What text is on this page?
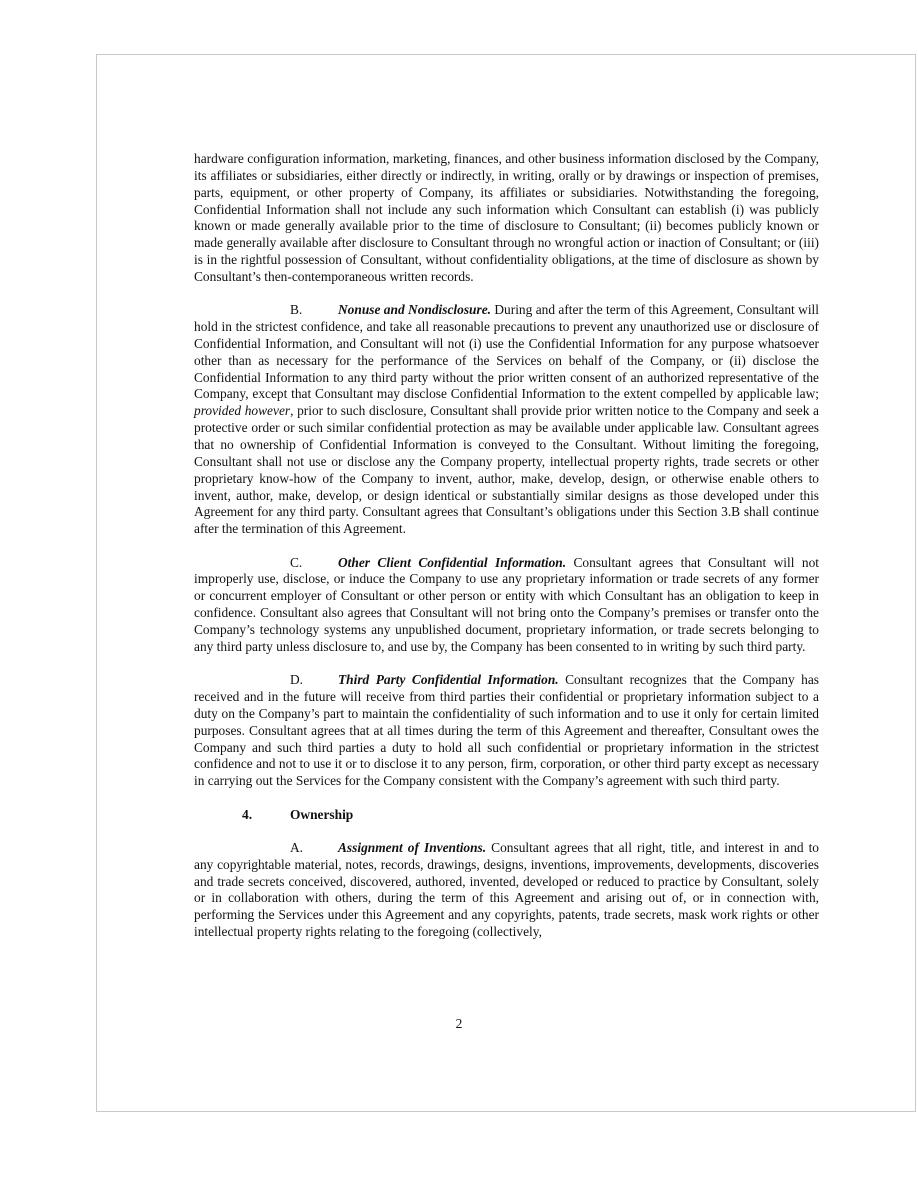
hardware configuration information, marketing, finances, and other business information disclosed by the Company, its affiliates or subsidiaries, either directly or indirectly, in writing, orally or by drawings or inspection of premises, parts, equipment, or other property of Company, its affiliates or subsidiaries. Notwithstanding the foregoing, Confidential Information shall not include any such information which Consultant can establish (i) was publicly known or made generally available prior to the time of disclosure to Consultant; (ii) becomes publicly known or made generally available after disclosure to Consultant through no wrongful action or inaction of Consultant; or (iii) is in the rightful possession of Consultant, without confidentiality obligations, at the time of disclosure as shown by Consultant’s then-contemporaneous written records.

B.	Nonuse and Nondisclosure. During and after the term of this Agreement, Consultant will hold in the strictest confidence, and take all reasonable precautions to prevent any unauthorized use or disclosure of Confidential Information, and Consultant will not (i) use the Confidential Information for any purpose whatsoever other than as necessary for the performance of the Services on behalf of the Company, or (ii) disclose the Confidential Information to any third party without the prior written consent of an authorized representative of the Company, except that Consultant may disclose Confidential Information to the extent compelled by applicable law; provided however, prior to such disclosure, Consultant shall provide prior written notice to the Company and seek a protective order or such similar confidential protection as may be available under applicable law. Consultant agrees that no ownership of Confidential Information is conveyed to the Consultant. Without limiting the foregoing, Consultant shall not use or disclose any the Company property, intellectual property rights, trade secrets or other proprietary know-how of the Company to invent, author, make, develop, design, or otherwise enable others to invent, author, make, develop, or design identical or substantially similar designs as those developed under this Agreement for any third party. Consultant agrees that Consultant’s obligations under this Section 3.B shall continue after the termination of this Agreement.

C.	Other Client Confidential Information. Consultant agrees that Consultant will not improperly use, disclose, or induce the Company to use any proprietary information or trade secrets of any former or concurrent employer of Consultant or other person or entity with which Consultant has an obligation to keep in confidence. Consultant also agrees that Consultant will not bring onto the Company’s premises or transfer onto the Company’s technology systems any unpublished document, proprietary information, or trade secrets belonging to any third party unless disclosure to, and use by, the Company has been consented to in writing by such third party.

D.	Third Party Confidential Information. Consultant recognizes that the Company has received and in the future will receive from third parties their confidential or proprietary information subject to a duty on the Company’s part to maintain the confidentiality of such information and to use it only for certain limited purposes. Consultant agrees that at all times during the term of this Agreement and thereafter, Consultant owes the Company and such third parties a duty to hold all such confidential or proprietary information in the strictest confidence and not to use it or to disclose it to any person, firm, corporation, or other third party except as necessary in carrying out the Services for the Company consistent with the Company’s agreement with such third party.

4.	Ownership

A.	Assignment of Inventions. Consultant agrees that all right, title, and interest in and to any copyrightable material, notes, records, drawings, designs, inventions, improvements, developments, discoveries and trade secrets conceived, discovered, authored, invented, developed or reduced to practice by Consultant, solely or in collaboration with others, during the term of this Agreement and arising out of, or in connection with, performing the Services under this Agreement and any copyrights, patents, trade secrets, mask work rights or other intellectual property rights relating to the foregoing (collectively,

2
